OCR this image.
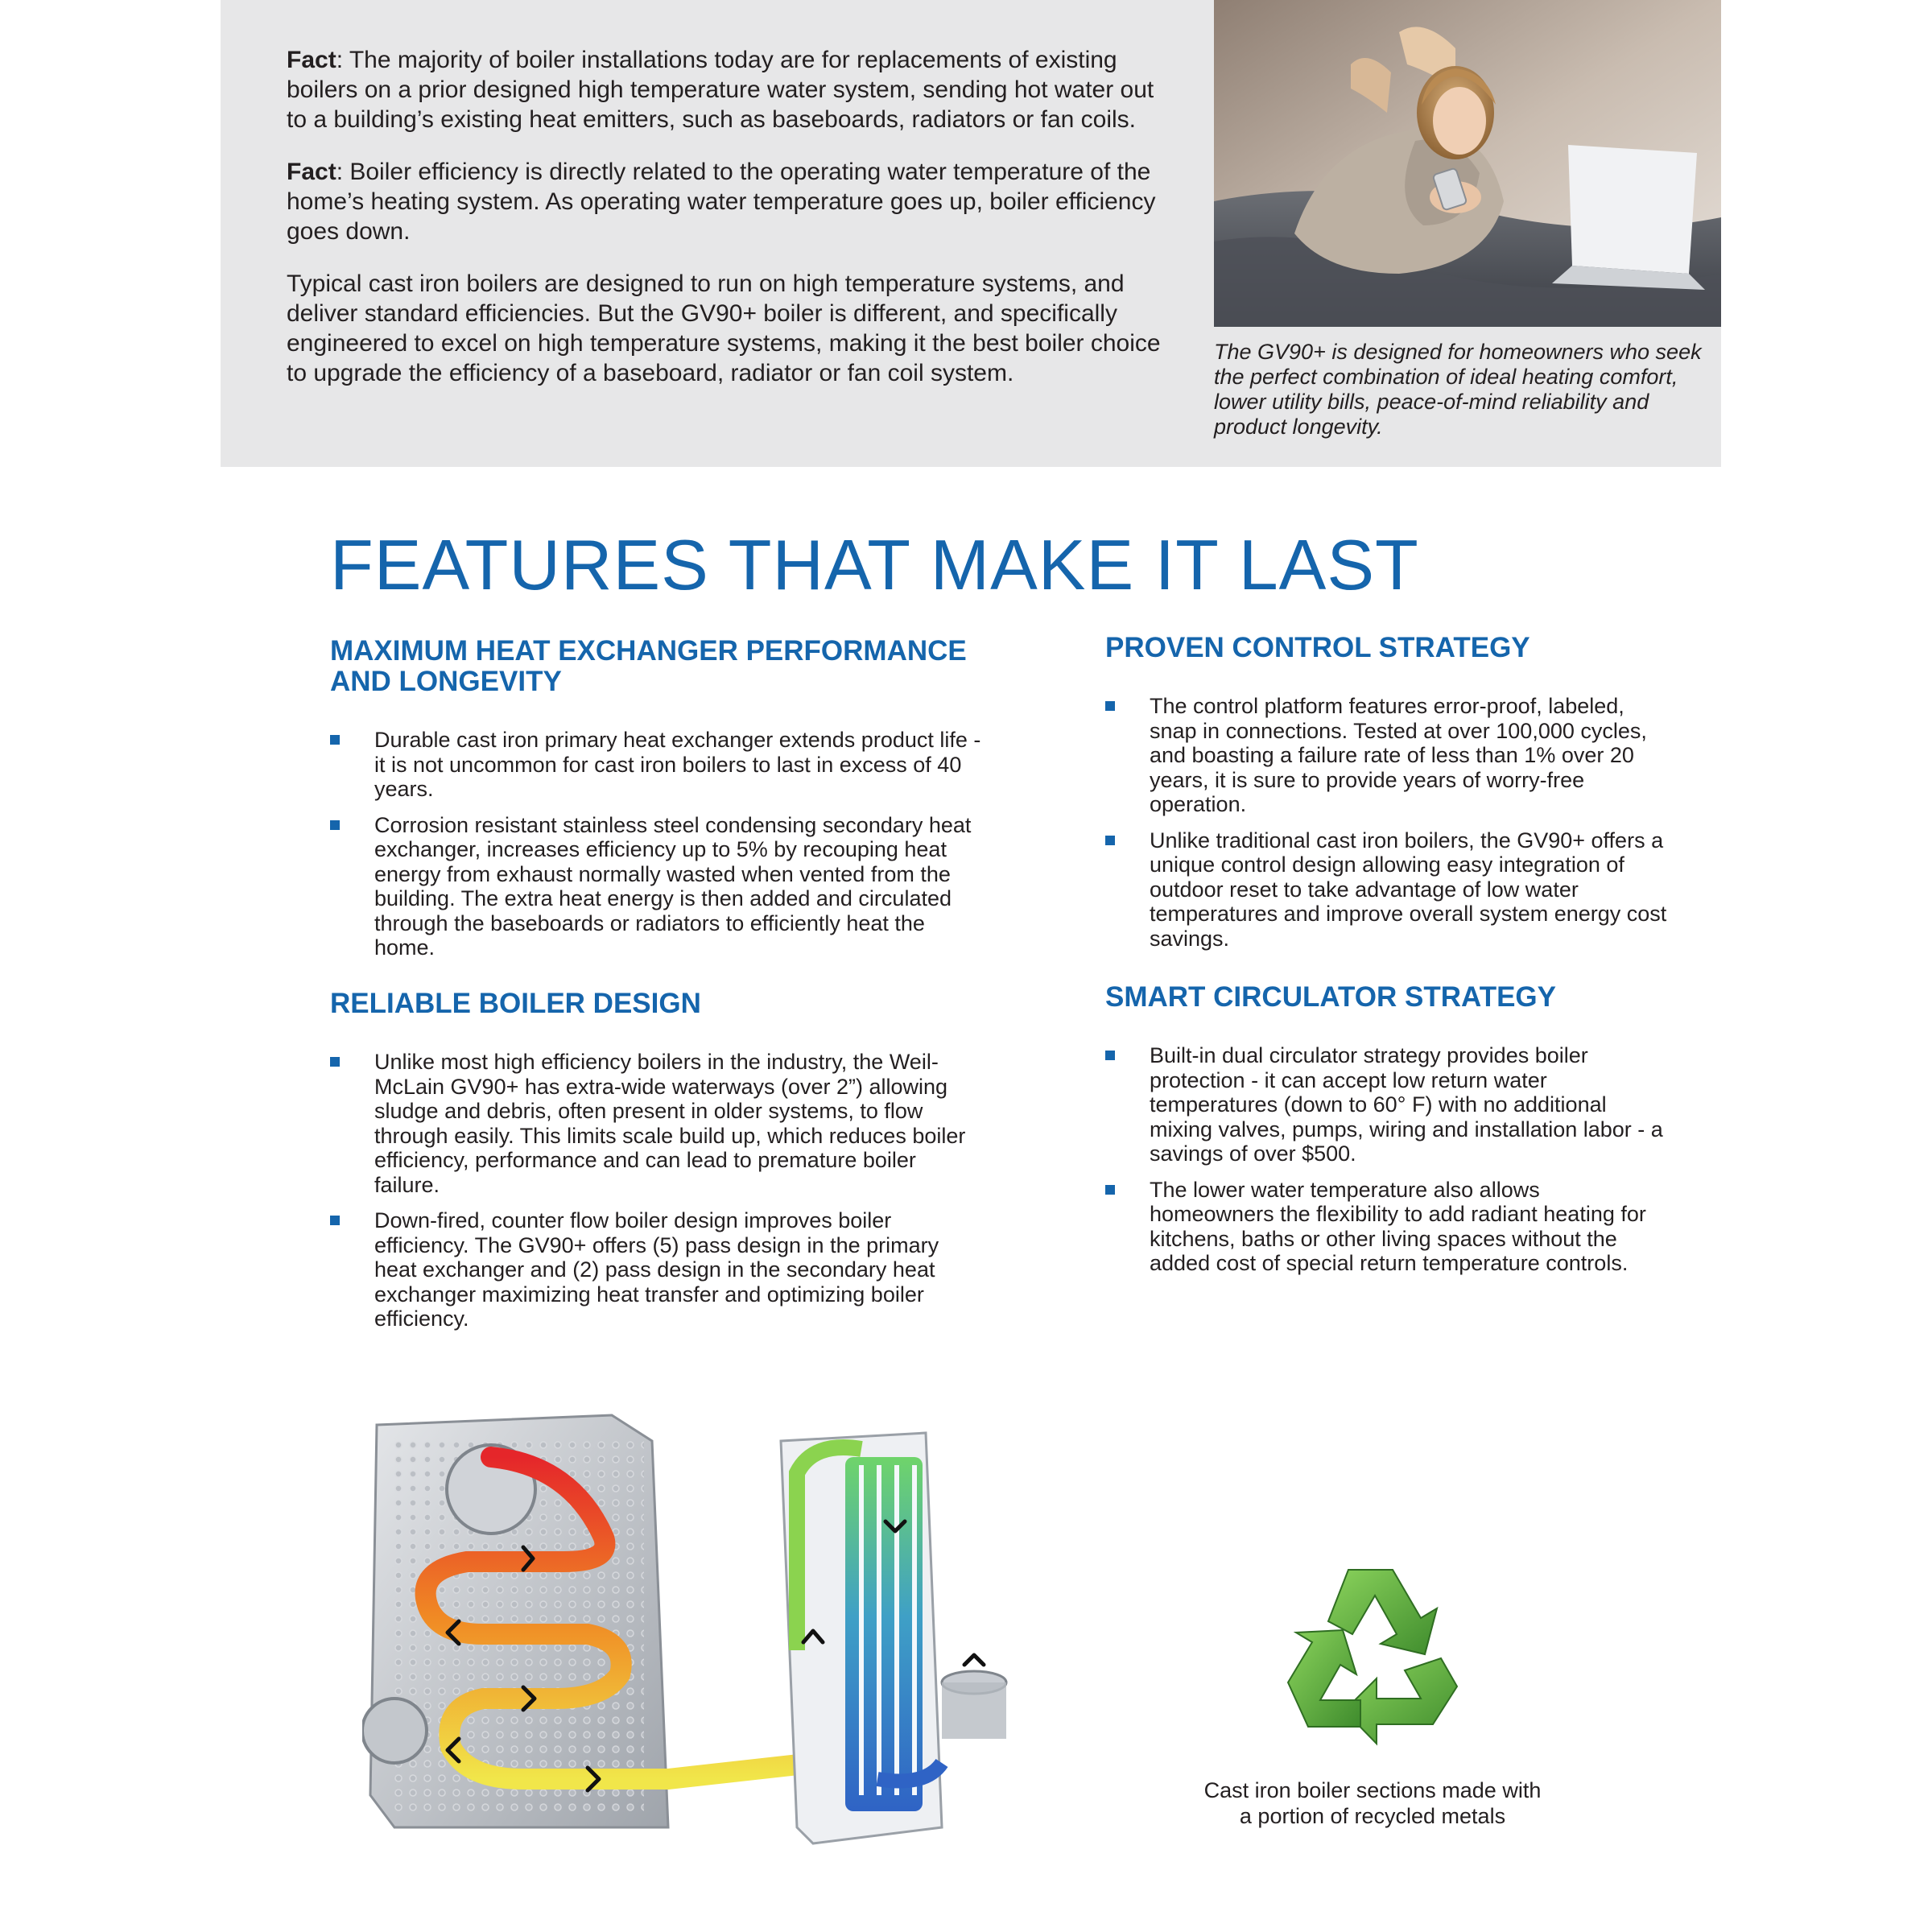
Fact: The majority of boiler installations today are for replacements of existing boilers on a prior designed high temperature water system, sending hot water out to a building’s existing heat emitters, such as baseboards, radiators or fan coils.

Fact: Boiler efficiency is directly related to the operating water temperature of the home’s heating system. As operating water temperature goes up, boiler efficiency goes down.

Typical cast iron boilers are designed to run on high temperature systems, and deliver standard efficiencies. But the GV90+ boiler is different, and specifically engineered to excel on high temperature systems, making it the best boiler choice to upgrade the efficiency of a baseboard, radiator or fan coil system.

The GV90+ is designed for homeowners who seek the perfect combination of ideal heating comfort, lower utility bills, peace-of-mind reliability and product longevity.
FEATURES THAT MAKE IT LAST
MAXIMUM HEAT EXCHANGER PERFORMANCE AND LONGEVITY
Durable cast iron primary heat exchanger extends product life - it is not uncommon for cast iron boilers to last in excess of 40 years.
Corrosion resistant stainless steel condensing secondary heat exchanger, increases efficiency up to 5% by recouping heat energy from exhaust normally wasted when vented from the building. The extra heat energy is then added and circulated through the baseboards or radiators to efficiently heat the home.
RELIABLE BOILER DESIGN
Unlike most high efficiency boilers in the industry, the Weil-McLain GV90+ has extra-wide waterways (over 2”) allowing sludge and debris, often present in older systems, to flow through easily. This limits scale build up, which reduces boiler efficiency, performance and can lead to premature boiler failure.
Down-fired, counter flow boiler design improves boiler efficiency. The GV90+ offers (5) pass design in the primary heat exchanger and (2) pass design in the secondary heat exchanger maximizing heat transfer and optimizing boiler efficiency.
PROVEN CONTROL STRATEGY
The control platform features error-proof, labeled, snap in connections. Tested at over 100,000 cycles, and boasting a failure rate of less than 1% over 20 years, it is sure to provide years of worry-free operation.
Unlike traditional cast iron boilers, the GV90+ offers a unique control design allowing easy integration of outdoor reset to take advantage of low water temperatures and improve overall system energy cost savings.
SMART CIRCULATOR STRATEGY
Built-in dual circulator strategy provides boiler protection - it can accept low return water temperatures (down to 60° F) with no additional mixing valves, pumps, wiring and installation labor - a savings of over $500.
The lower water temperature also allows homeowners the flexibility to add radiant heating for kitchens, baths or other living spaces without the added cost of special return temperature controls.
Cast iron boiler sections made with
a portion of recycled metals
